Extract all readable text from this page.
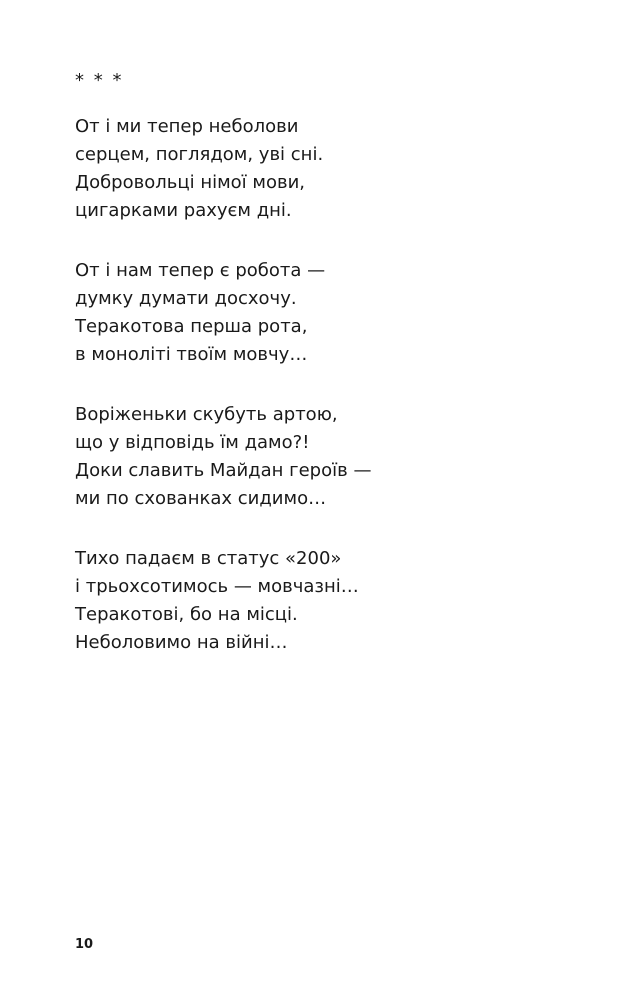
* * *
От і ми тепер неболови
серцем, поглядом, уві сні.
Добровольці німої мови,
цигарками рахуєм дні.
От і нам тепер є робота —
думку думати досхочу.
Теракотова перша рота,
в моноліті твоїм мовчу…
Воріженьки скубуть артою,
що у відповідь їм дамо?!
Доки славить Майдан героїв —
ми по схованках сидимо…
Тихо падаєм в статус «200»
і трьохсотимось — мовчазні…
Теракотові, бо на місці.
Неболовимо на війні…
10
